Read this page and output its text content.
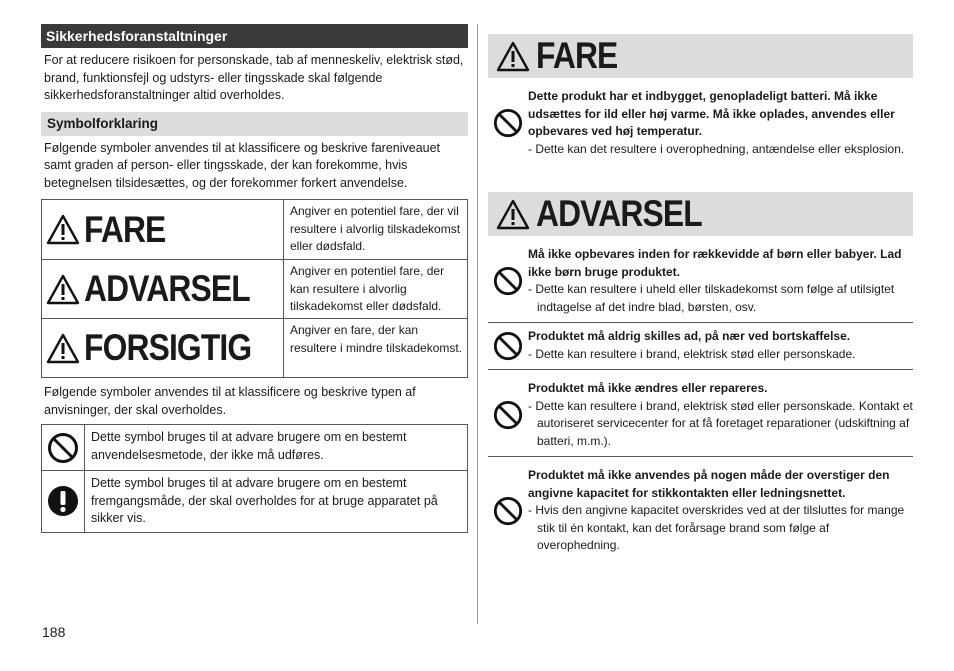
Sikkerhedsforanstaltninger
For at reducere risikoen for personskade, tab af menneskeliv, elektrisk stød, brand, funktionsfejl og udstyrs- eller tingsskade skal følgende sikkerhedsforanstaltninger altid overholdes.
Symbolforklaring
Følgende symboler anvendes til at klassificere og beskrive fareniveauet samt graden af person- eller tingsskade, der kan forekomme, hvis betegnelsen tilsidesættes, og der forekommer forkert anvendelse.
FARE	Angiver en potentiel fare, der vil resultere i alvorlig tilskadekomst eller dødsfald.
ADVARSEL	Angiver en potentiel fare, der kan resultere i alvorlig tilskadekomst eller dødsfald.
FORSIGTIG	Angiver en fare, der kan resultere i mindre tilskadekomst.
Følgende symboler anvendes til at klassificere og beskrive typen af anvisninger, der skal overholdes.
Dette symbol bruges til at advare brugere om en bestemt anvendelsesmetode, der ikke må udføres.
Dette symbol bruges til at advare brugere om en bestemt fremgangsmåde, der skal overholdes for at bruge apparatet på sikker vis.
FARE
Dette produkt har et indbygget, genopladeligt batteri. Må ikke udsættes for ild eller høj varme. Må ikke oplades, anvendes eller opbevares ved høj temperatur.
- Dette kan det resultere i overophedning, antændelse eller eksplosion.
ADVARSEL
Må ikke opbevares inden for rækkevidde af børn eller babyer. Lad ikke børn bruge produktet.
- Dette kan resultere i uheld eller tilskadekomst som følge af utilsigtet indtagelse af det indre blad, børsten, osv.
Produktet må aldrig skilles ad, på nær ved bortskaffelse.
- Dette kan resultere i brand, elektrisk stød eller personskade.
Produktet må ikke ændres eller repareres.
- Dette kan resultere i brand, elektrisk stød eller personskade. Kontakt et autoriseret servicecenter for at få foretaget reparationer (udskiftning af batteri, m.m.).
Produktet må ikke anvendes på nogen måde der overstiger den angivne kapacitet for stikkontakten eller ledningsnettet.
- Hvis den angivne kapacitet overskrides ved at der tilsluttes for mange stik til én kontakt, kan det forårsage brand som følge af overophedning.
188
